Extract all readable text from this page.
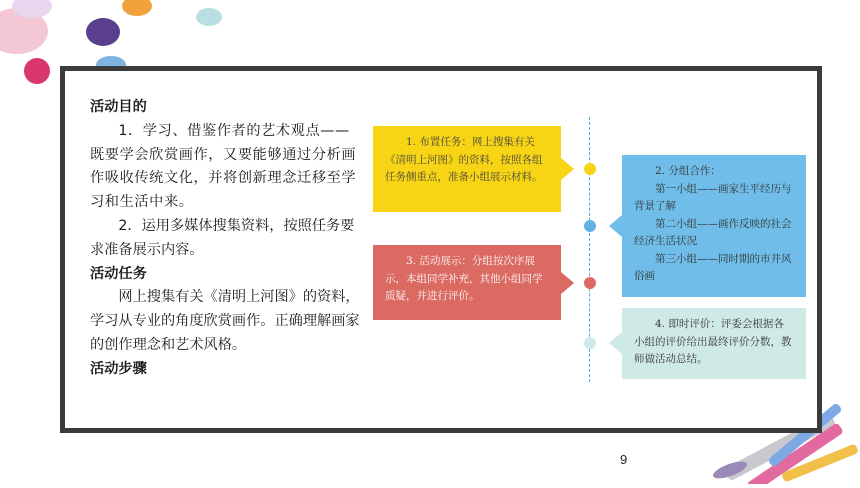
活动目的

1．学习、借鉴作者的艺术观点——既要学会欣赏画作，又要能够通过分析画作吸收传统文化，并将创新理念迁移至学习和生活中来。

2．运用多媒体搜集资料，按照任务要求准备展示内容。

活动任务

网上搜集有关《清明上河图》的资料，学习从专业的角度欣赏画作。正确理解画家的创作理念和艺术风格。

活动步骤

1. 布置任务：网上搜集有关《清明上河图》的资料，按照各组任务侧重点，准备小组展示材料。

3. 活动展示：分组按次序展示，本组同学补充，其他小组同学质疑，并进行评价。

2. 分组合作：

第一小组——画家生平经历与背景了解

第二小组——画作反映的社会经济生活状况

第三小组——同时期的市井风俗画

4. 即时评价：评委会根据各小组的评价给出最终评价分数，教师做活动总结。

9
